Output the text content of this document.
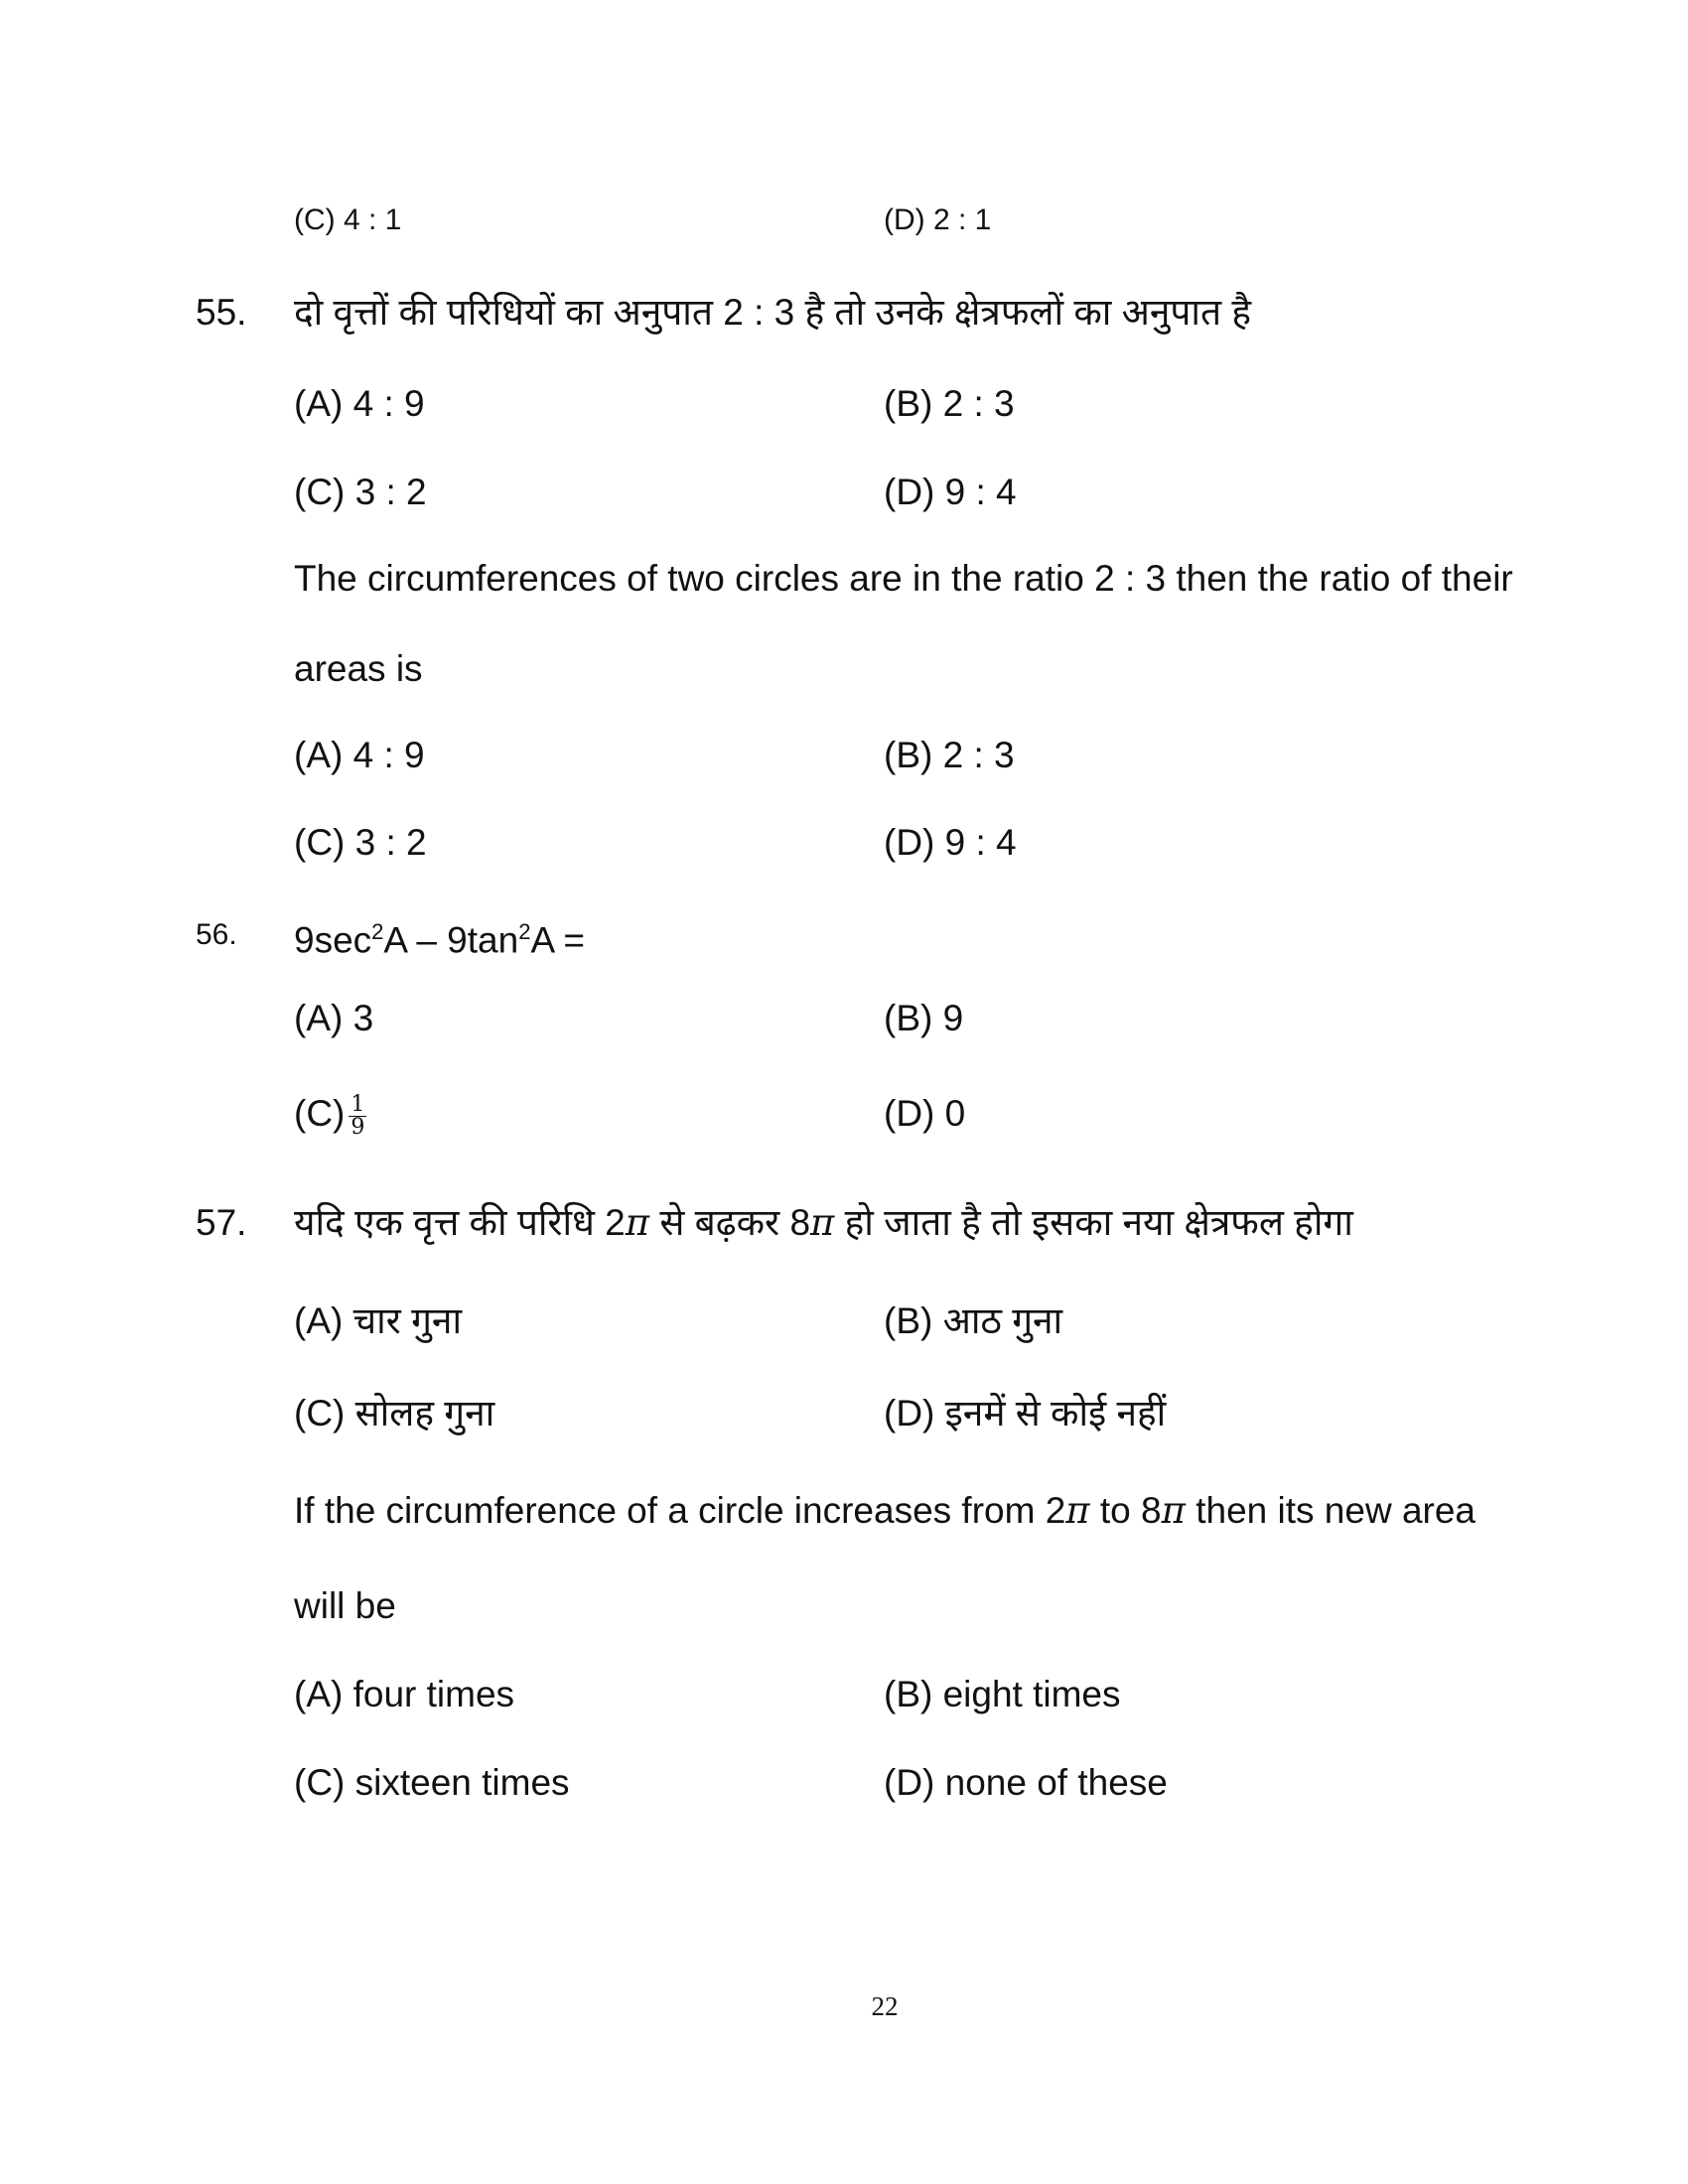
(C) 4 : 1	(D) 2 : 1
55. दो वृत्तों की परिधियों का अनुपात 2 : 3 है तो उनके क्षेत्रफलों का अनुपात है
(A) 4 : 9	(B) 2 : 3
(C) 3 : 2	(D) 9 : 4
The circumferences of two circles are in the ratio 2 : 3 then the ratio of their
areas is
(A) 4 : 9	(B) 2 : 3
(C) 3 : 2	(D) 9 : 4
56. $9\sec^2A - 9\tan^2A$ =
(A) 3	(B) 9
$(C) \frac{1}{9}$	(D) 0
57. यदि एक वृत्त की परिधि 2π से बढ़कर 8π हो जाता है तो इसका नया क्षेत्रफल होगा
(A) चार गुना	(B) आठ गुना
(C) सोलह गुना	(D) इनमें से कोई नहीं
If the circumference of a circle increases from 2π to 8π then its new area
will be
(A) four times	(B) eight times
(C) sixteen times	(D) none of these
22
